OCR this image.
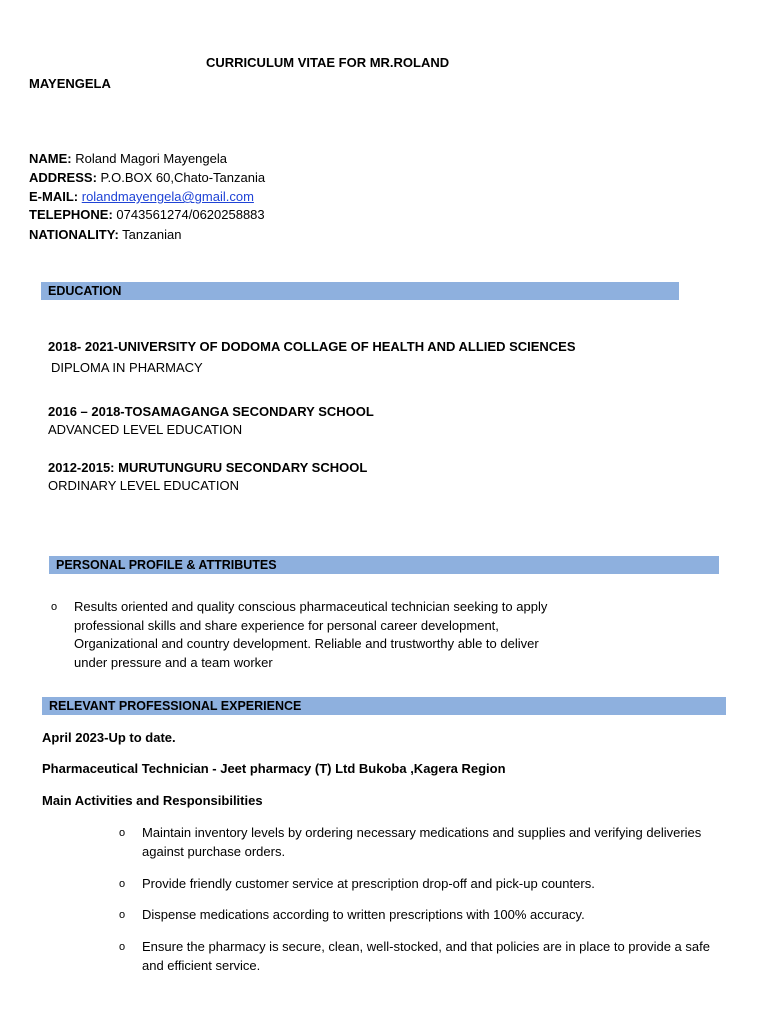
CURRICULUM VITAE FOR MR.ROLAND
MAYENGELA
NAME: Roland Magori Mayengela
ADDRESS: P.O.BOX 60,Chato-Tanzania
E-MAIL: rolandmayengela@gmail.com
TELEPHONE: 0743561274/0620258883
NATIONALITY: Tanzanian
EDUCATION
2018- 2021-UNIVERSITY OF DODOMA COLLAGE OF HEALTH AND ALLIED SCIENCES
DIPLOMA IN PHARMACY
2016 – 2018-TOSAMAGANGA SECONDARY SCHOOL
ADVANCED LEVEL EDUCATION
2012-2015: MURUTUNGURU SECONDARY SCHOOL
ORDINARY LEVEL EDUCATION
PERSONAL PROFILE & ATTRIBUTES
o Results oriented and quality conscious pharmaceutical technician seeking to apply professional skills and share experience for personal career development, Organizational and country development. Reliable and trustworthy able to deliver under pressure and a team worker
RELEVANT PROFESSIONAL EXPERIENCE
April 2023-Up to date.
Pharmaceutical Technician - Jeet pharmacy (T) Ltd Bukoba ,Kagera Region
Main Activities and Responsibilities
o Maintain inventory levels by ordering necessary medications and supplies and verifying deliveries against purchase orders.
o Provide friendly customer service at prescription drop-off and pick-up counters.
o Dispense medications according to written prescriptions with 100% accuracy.
o Ensure the pharmacy is secure, clean, well-stocked, and that policies are in place to provide a safe and efficient service.
